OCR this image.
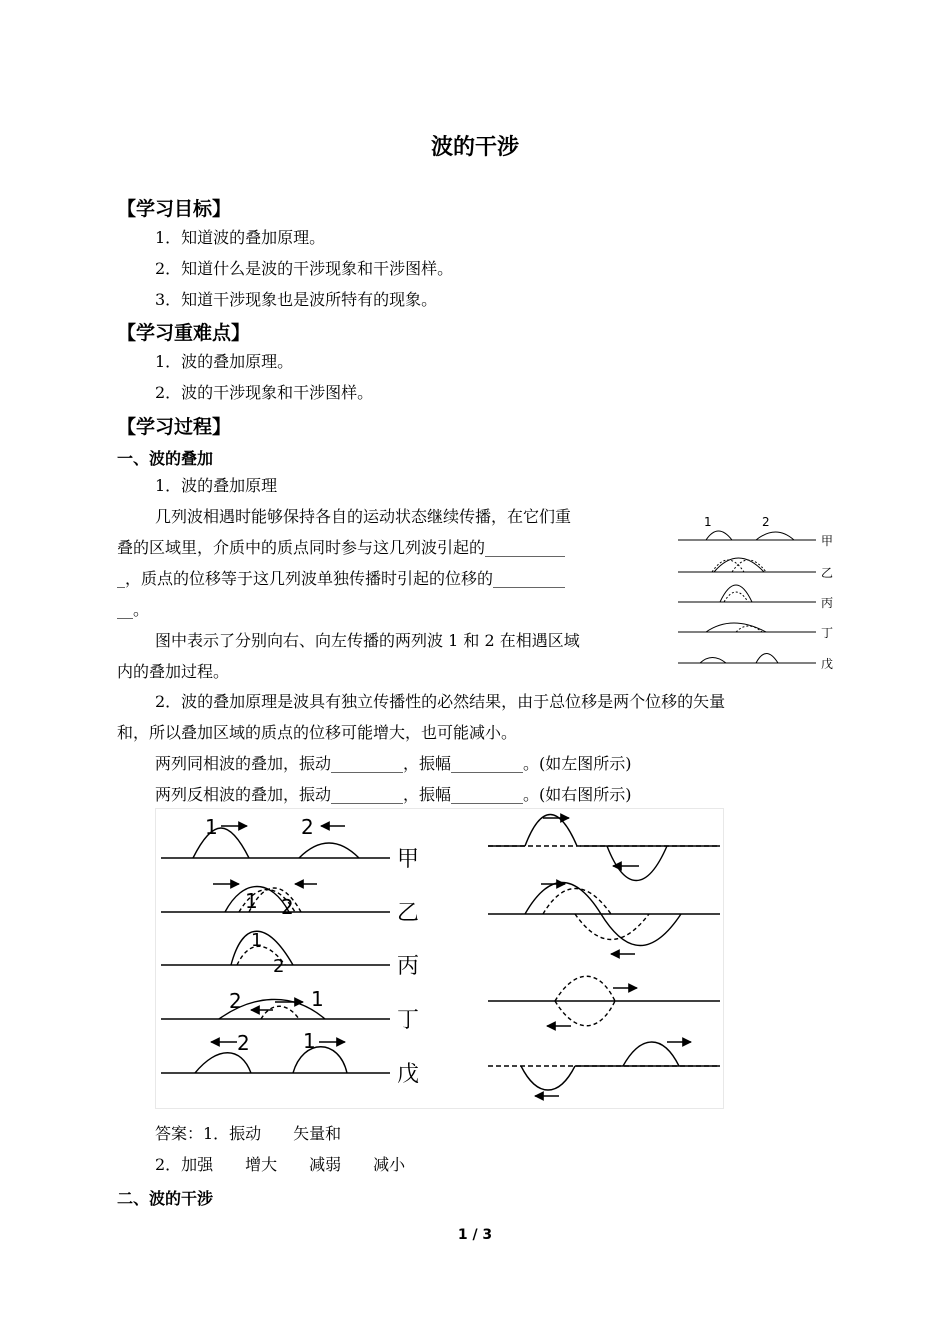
波的干涉
【学习目标】
1．知道波的叠加原理。
2．知道什么是波的干涉现象和干涉图样。
3．知道干涉现象也是波所特有的现象。
【学习重难点】
1．波的叠加原理。
2．波的干涉现象和干涉图样。
【学习过程】
一、波的叠加
1．波的叠加原理
几列波相遇时能够保持各自的运动状态继续传播，在它们重
叠的区域里，介质中的质点同时参与这几列波引起的__________
_，质点的位移等于这几列波单独传播时引起的位移的_________
__。
图中表示了分别向右、向左传播的两列波 1 和 2 在相遇区域
内的叠加过程。
2．波的叠加原理是波具有独立传播性的必然结果，由于总位移是两个位移的矢量
和，所以叠加区域的质点的位移可能增大，也可能减小。
两列同相波的叠加，振动_________，振幅_________。(如左图所示)
两列反相波的叠加，振动_________，振幅_________。(如右图所示)
1	2
甲
乙
丙
丁
戊
1	2
1 2
1
2
2	1
2	1
甲
乙
丙
丁
戊
答案：1．振动　　矢量和
2．加强　　增大　　减弱　　减小
二、波的干涉
1 / 3
